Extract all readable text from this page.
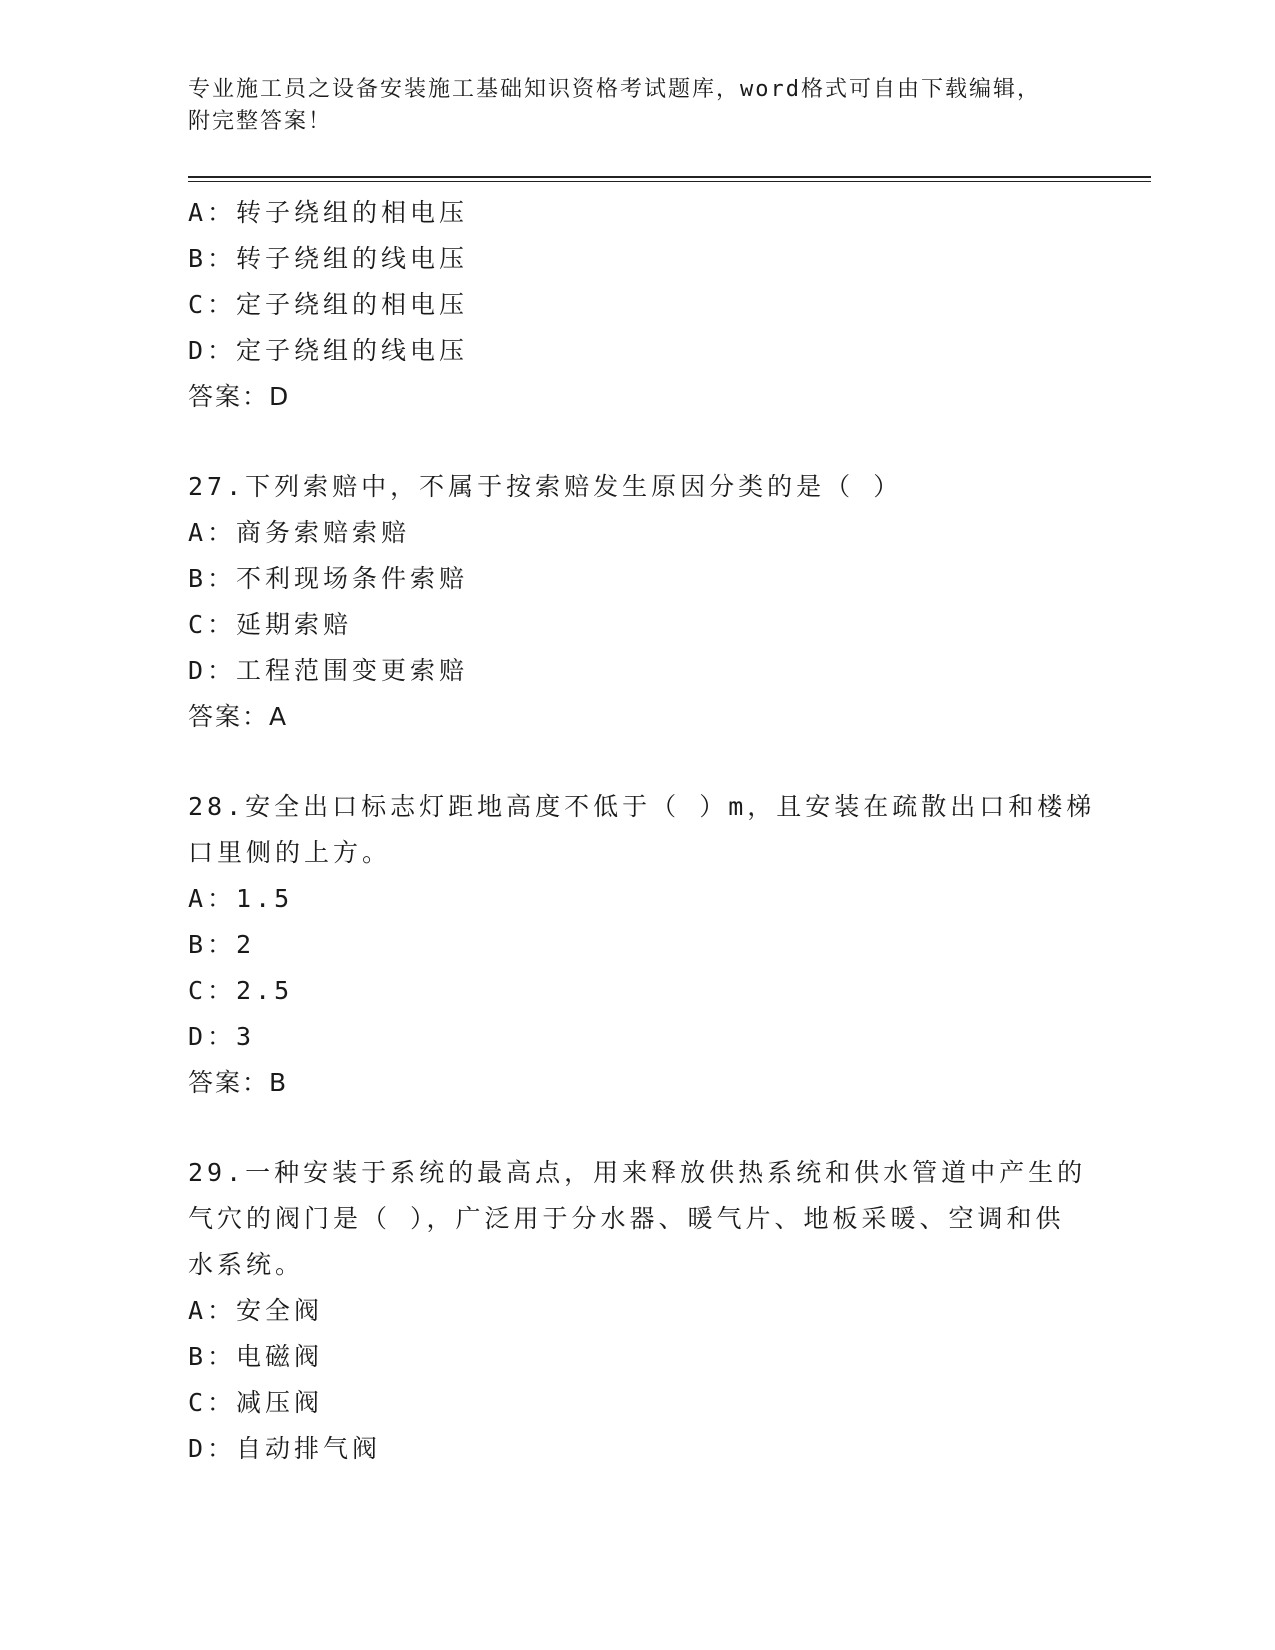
专业施工员之设备安装施工基础知识资格考试题库，word格式可自由下载编辑，
附完整答案！
A：转子绕组的相电压
B：转子绕组的线电压
C：定子绕组的相电压
D：定子绕组的线电压
答案：D
27.下列索赔中，不属于按索赔发生原因分类的是（ ）
A：商务索赔索赔
B：不利现场条件索赔
C：延期索赔
D：工程范围变更索赔
答案：A
28.安全出口标志灯距地高度不低于（ ）m，且安装在疏散出口和楼梯
口里侧的上方。
A：1.5
B：2
C：2.5
D：3
答案：B
29.一种安装于系统的最高点，用来释放供热系统和供水管道中产生的
气穴的阀门是（ ），广泛用于分水器、暖气片、地板采暖、空调和供
水系统。
A：安全阀
B：电磁阀
C：减压阀
D：自动排气阀
